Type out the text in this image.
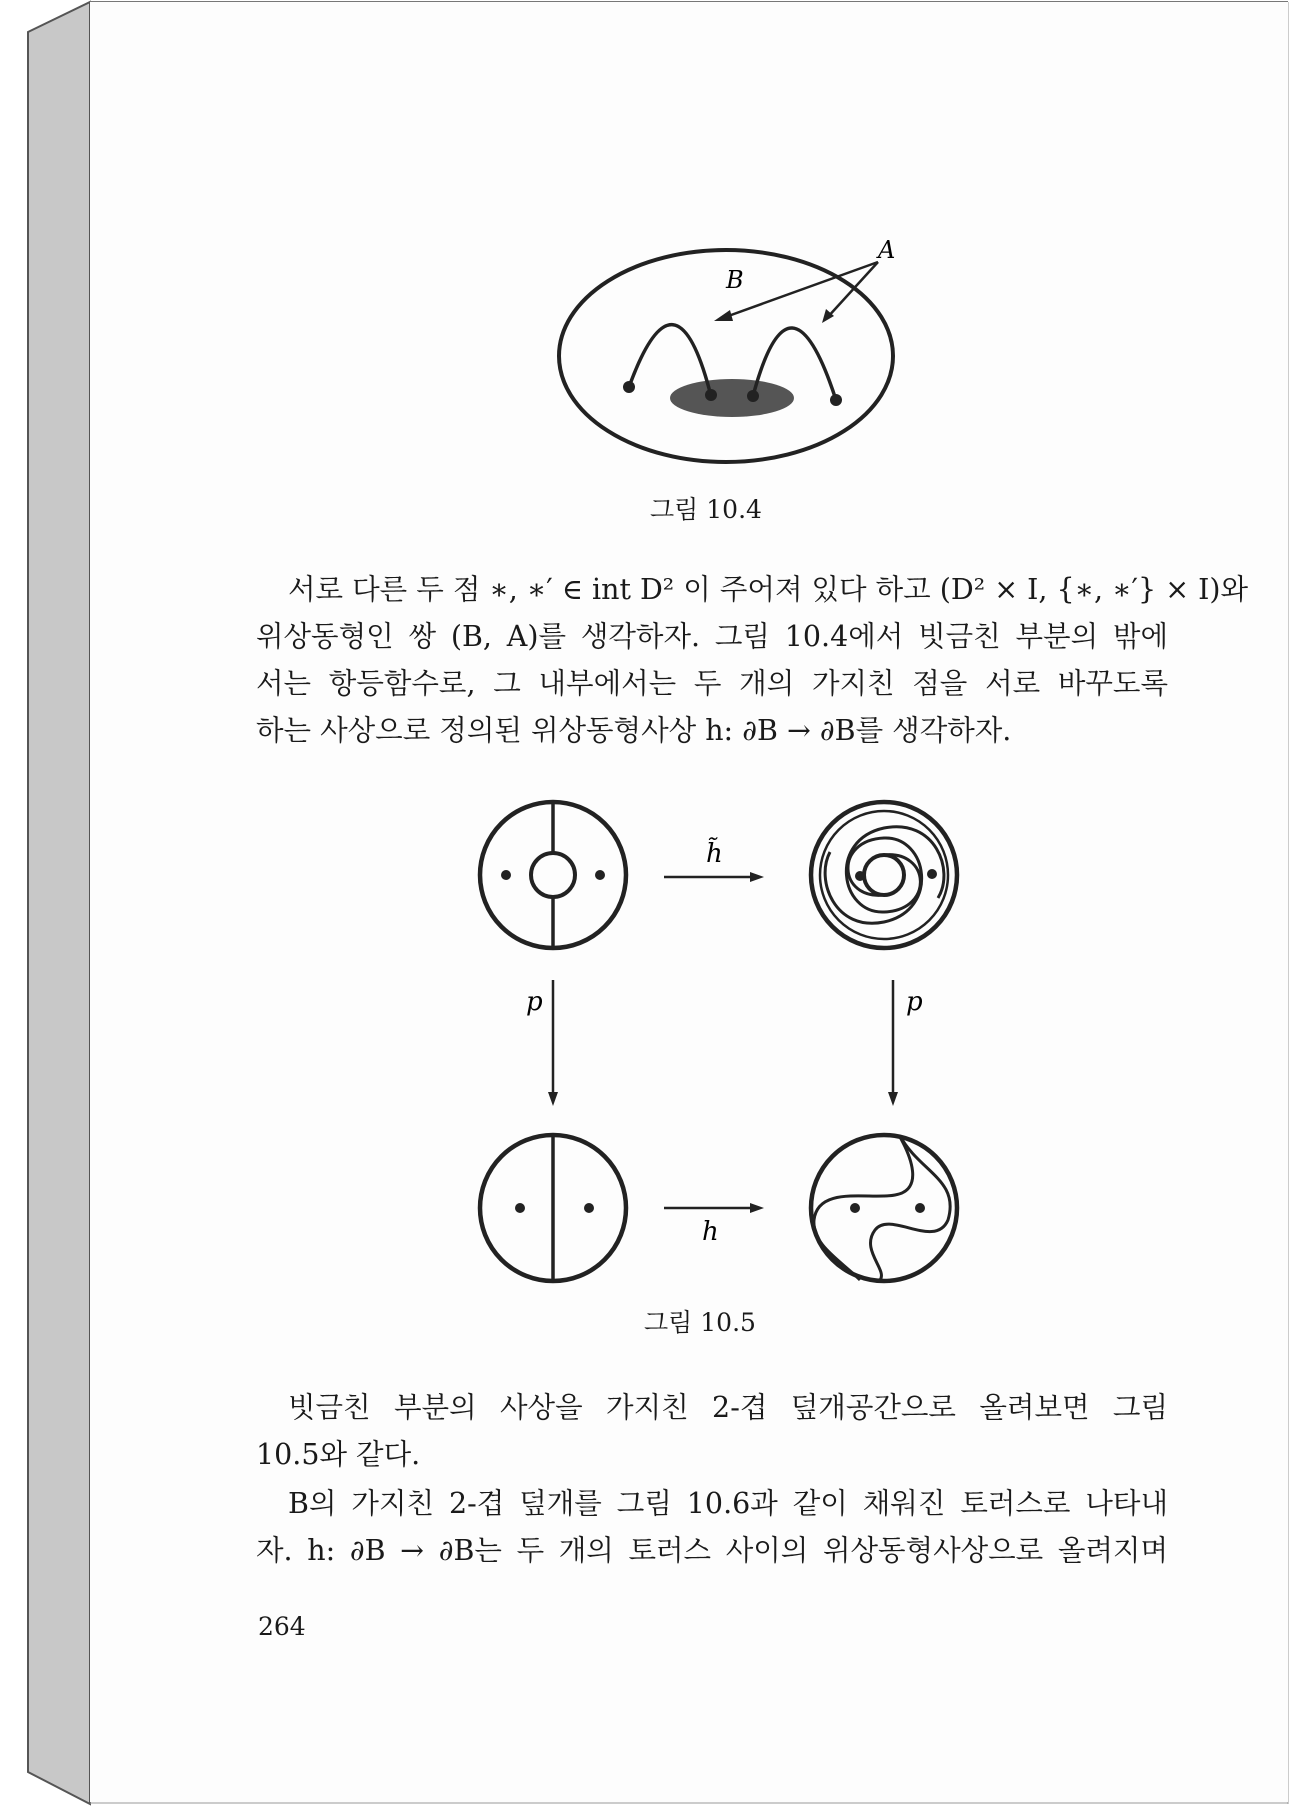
A
B
그림 10.4
서로 다른 두 점 ∗, ∗′ ∈ int D² 이 주어져 있다 하고 (D² × I, {∗, ∗′} × I)와
위상동형인 쌍 (B, A)를 생각하자. 그림 10.4에서 빗금친 부분의 밖에
서는 항등함수로, 그 내부에서는 두 개의 가지친 점을 서로 바꾸도록
하는 사상으로 정의된 위상동형사상 h: ∂B → ∂B를 생각하자.
h̃
p	p
h
그림 10.5
빗금친 부분의 사상을 가지친 2-겹 덮개공간으로 올려보면 그림
10.5와 같다.
B의 가지친 2-겹 덮개를 그림 10.6과 같이 채워진 토러스로 나타내
자. h: ∂B → ∂B는 두 개의 토러스 사이의 위상동형사상으로 올려지며
264
